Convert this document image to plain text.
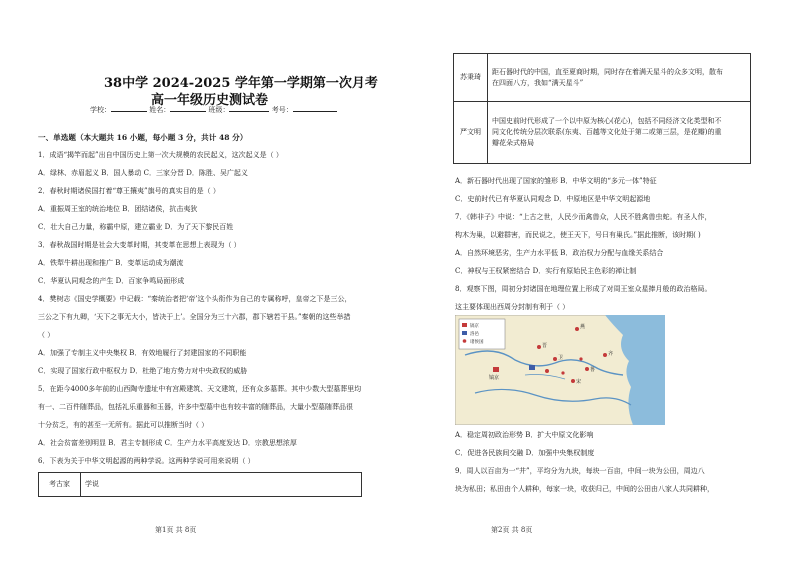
38中学 2024-2025 学年第一学期第一次月考
高一年级历史测试卷
学校：	姓名：	班级：	考号：
一、单选题（本大题共 16 小题，每小题 3 分，共计 48 分）
1．成语“揭竿而起”出自中国历史上第一次大规模的农民起义，这次起义是（ ）
A．绿林、赤眉起义 B．国人暴动 C．三家分晋 D．陈胜、吴广起义
2．春秋时期诸侯国打着“尊王攘夷”旗号的真实目的是（ ）
A．重振周王室的统治地位 B．团结诸侯，抗击夷狄
C．壮大自己力量，称霸中原，建立霸业 D．为了天下黎民百姓
3．春秋战国时期是社会大变革时期，其变革在思想上表现为（ ）
A．铁犁牛耕出现和推广 B．变革运动成为潮流
C．华夏认同观念的产生 D．百家争鸣局面形成
4．樊树志《国史学概要》中记载：“秦统治者把‘帝’这个头衔作为自己的专属称呼，皇帝之下是三公，
三公之下有九卿，‘天下之事无大小，皆决于上’。全国分为三十六郡，郡下辖若干县。”秦朝的这些举措
（ ）
A．加强了专制主义中央集权 B．有效地履行了封建国家的不同职能
C．实现了国家行政中枢权力 D．杜绝了地方势力对中央政权的威胁
5．在距今4000多年前的山西陶寺遗址中有宫殿建筑、天文建筑，还有众多墓葬。其中少数大型墓葬里均
有一、二百件随葬品，包括礼乐重器和玉器，许多中型墓中也有较丰富的随葬品，大量小型墓随葬品很
十分贫乏，有的甚至一无所有。据此可以推断当时（ ）
A．社会贫富差别明显 B．君主专制形成 C．生产力水平高度发达 D．宗教思想浓厚
6．下表为关于中华文明起源的两种学说。这两种学说可用来说明（ ）
考古家	学说
第1页 共 8页
苏秉琦	距石器时代的中国，直至夏商时期，同时存在着满天星斗的众多文明，散布
在四面八方，我如“满天星斗”

严文明	中国史前时代形成了一个以中原为核心(花心)，包括不同经济文化类型和不
同文化传统分层次联系(东夷、百越等文化处于第二或第三层，是花瓣)的重
瓣花朵式格局
A．新石器时代出现了国家的雏形 B．中华文明的“多元一体”特征
C．史前时代已有华夏认同观念 D．中原地区是中华文明起源地
7．《韩非子》中说：“上古之世，人民少而禽兽众，人民不胜禽兽虫蛇。有圣人作，
构木为巢，以避群害，而民说之，使王天下，号曰有巢氏。”据此推断，该时期( )
A．自然环境恶劣，生产力水平低 B．政治权力分配与血缘关系结合
C．神权与王权紧密结合 D．实行有原始民主色彩的禅让制
8．观察下图，周初分封诸国在地理位置上形成了对周王室众星捧月般的政治格局。
这主要体现出西周分封制有利于（ ）
镐京
洛邑
诸侯国
燕
齐
鲁
卫
晋
宋
镐京
A．稳定周初政治形势 B．扩大中原文化影响
C．促进各民族间交融 D．加强中央集权制度
9．周人以百亩为一“井”，平均分为九块，每块一百亩，中间一块为公田，周边八
块为私田；私田由个人耕种，每家一块，收获归己，中间的公田由八家人共同耕种，
第2页 共 8页
